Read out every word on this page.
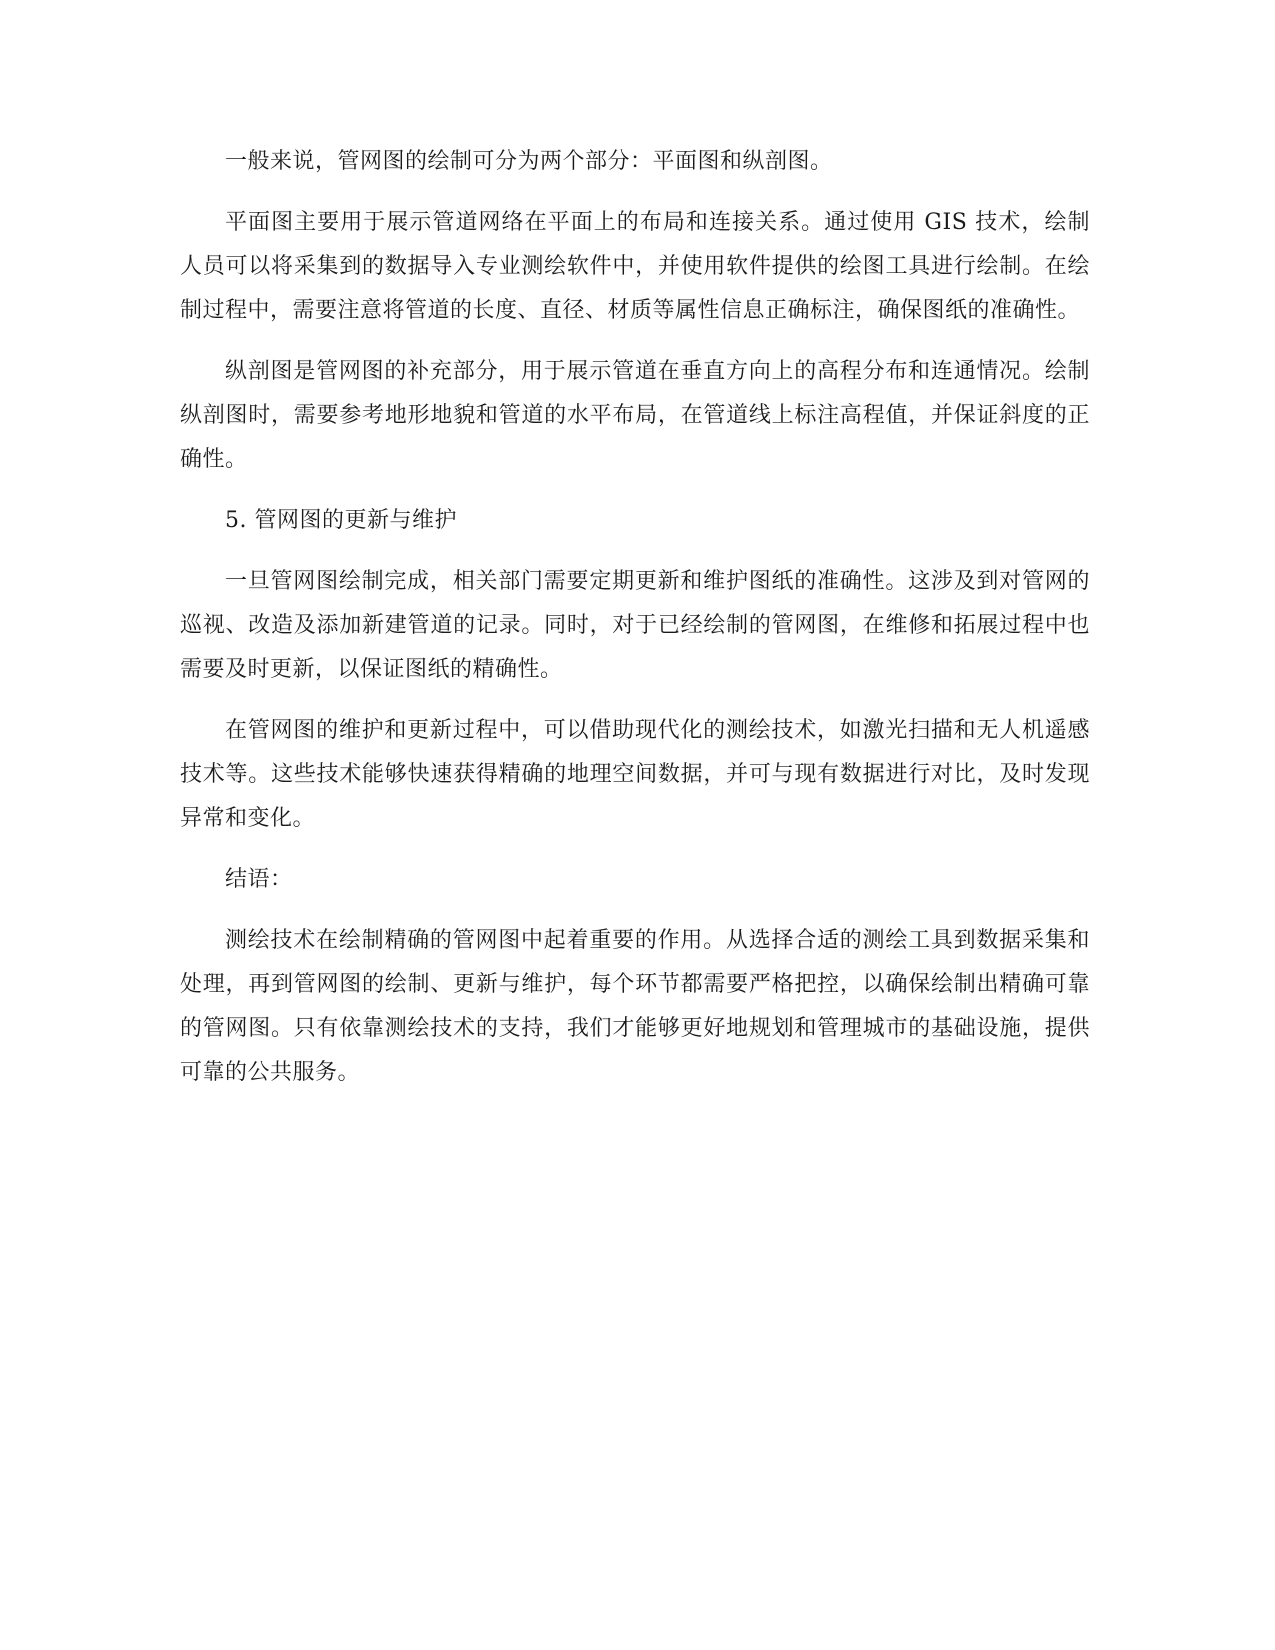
一般来说，管网图的绘制可分为两个部分：平面图和纵剖图。

平面图主要用于展示管道网络在平面上的布局和连接关系。通过使用 GIS 技术，绘制人员可以将采集到的数据导入专业测绘软件中，并使用软件提供的绘图工具进行绘制。在绘制过程中，需要注意将管道的长度、直径、材质等属性信息正确标注，确保图纸的准确性。

纵剖图是管网图的补充部分，用于展示管道在垂直方向上的高程分布和连通情况。绘制纵剖图时，需要参考地形地貌和管道的水平布局，在管道线上标注高程值，并保证斜度的正确性。

5. 管网图的更新与维护

一旦管网图绘制完成，相关部门需要定期更新和维护图纸的准确性。这涉及到对管网的巡视、改造及添加新建管道的记录。同时，对于已经绘制的管网图，在维修和拓展过程中也需要及时更新，以保证图纸的精确性。

在管网图的维护和更新过程中，可以借助现代化的测绘技术，如激光扫描和无人机遥感技术等。这些技术能够快速获得精确的地理空间数据，并可与现有数据进行对比，及时发现异常和变化。

结语：

测绘技术在绘制精确的管网图中起着重要的作用。从选择合适的测绘工具到数据采集和处理，再到管网图的绘制、更新与维护，每个环节都需要严格把控，以确保绘制出精确可靠的管网图。只有依靠测绘技术的支持，我们才能够更好地规划和管理城市的基础设施，提供可靠的公共服务。
